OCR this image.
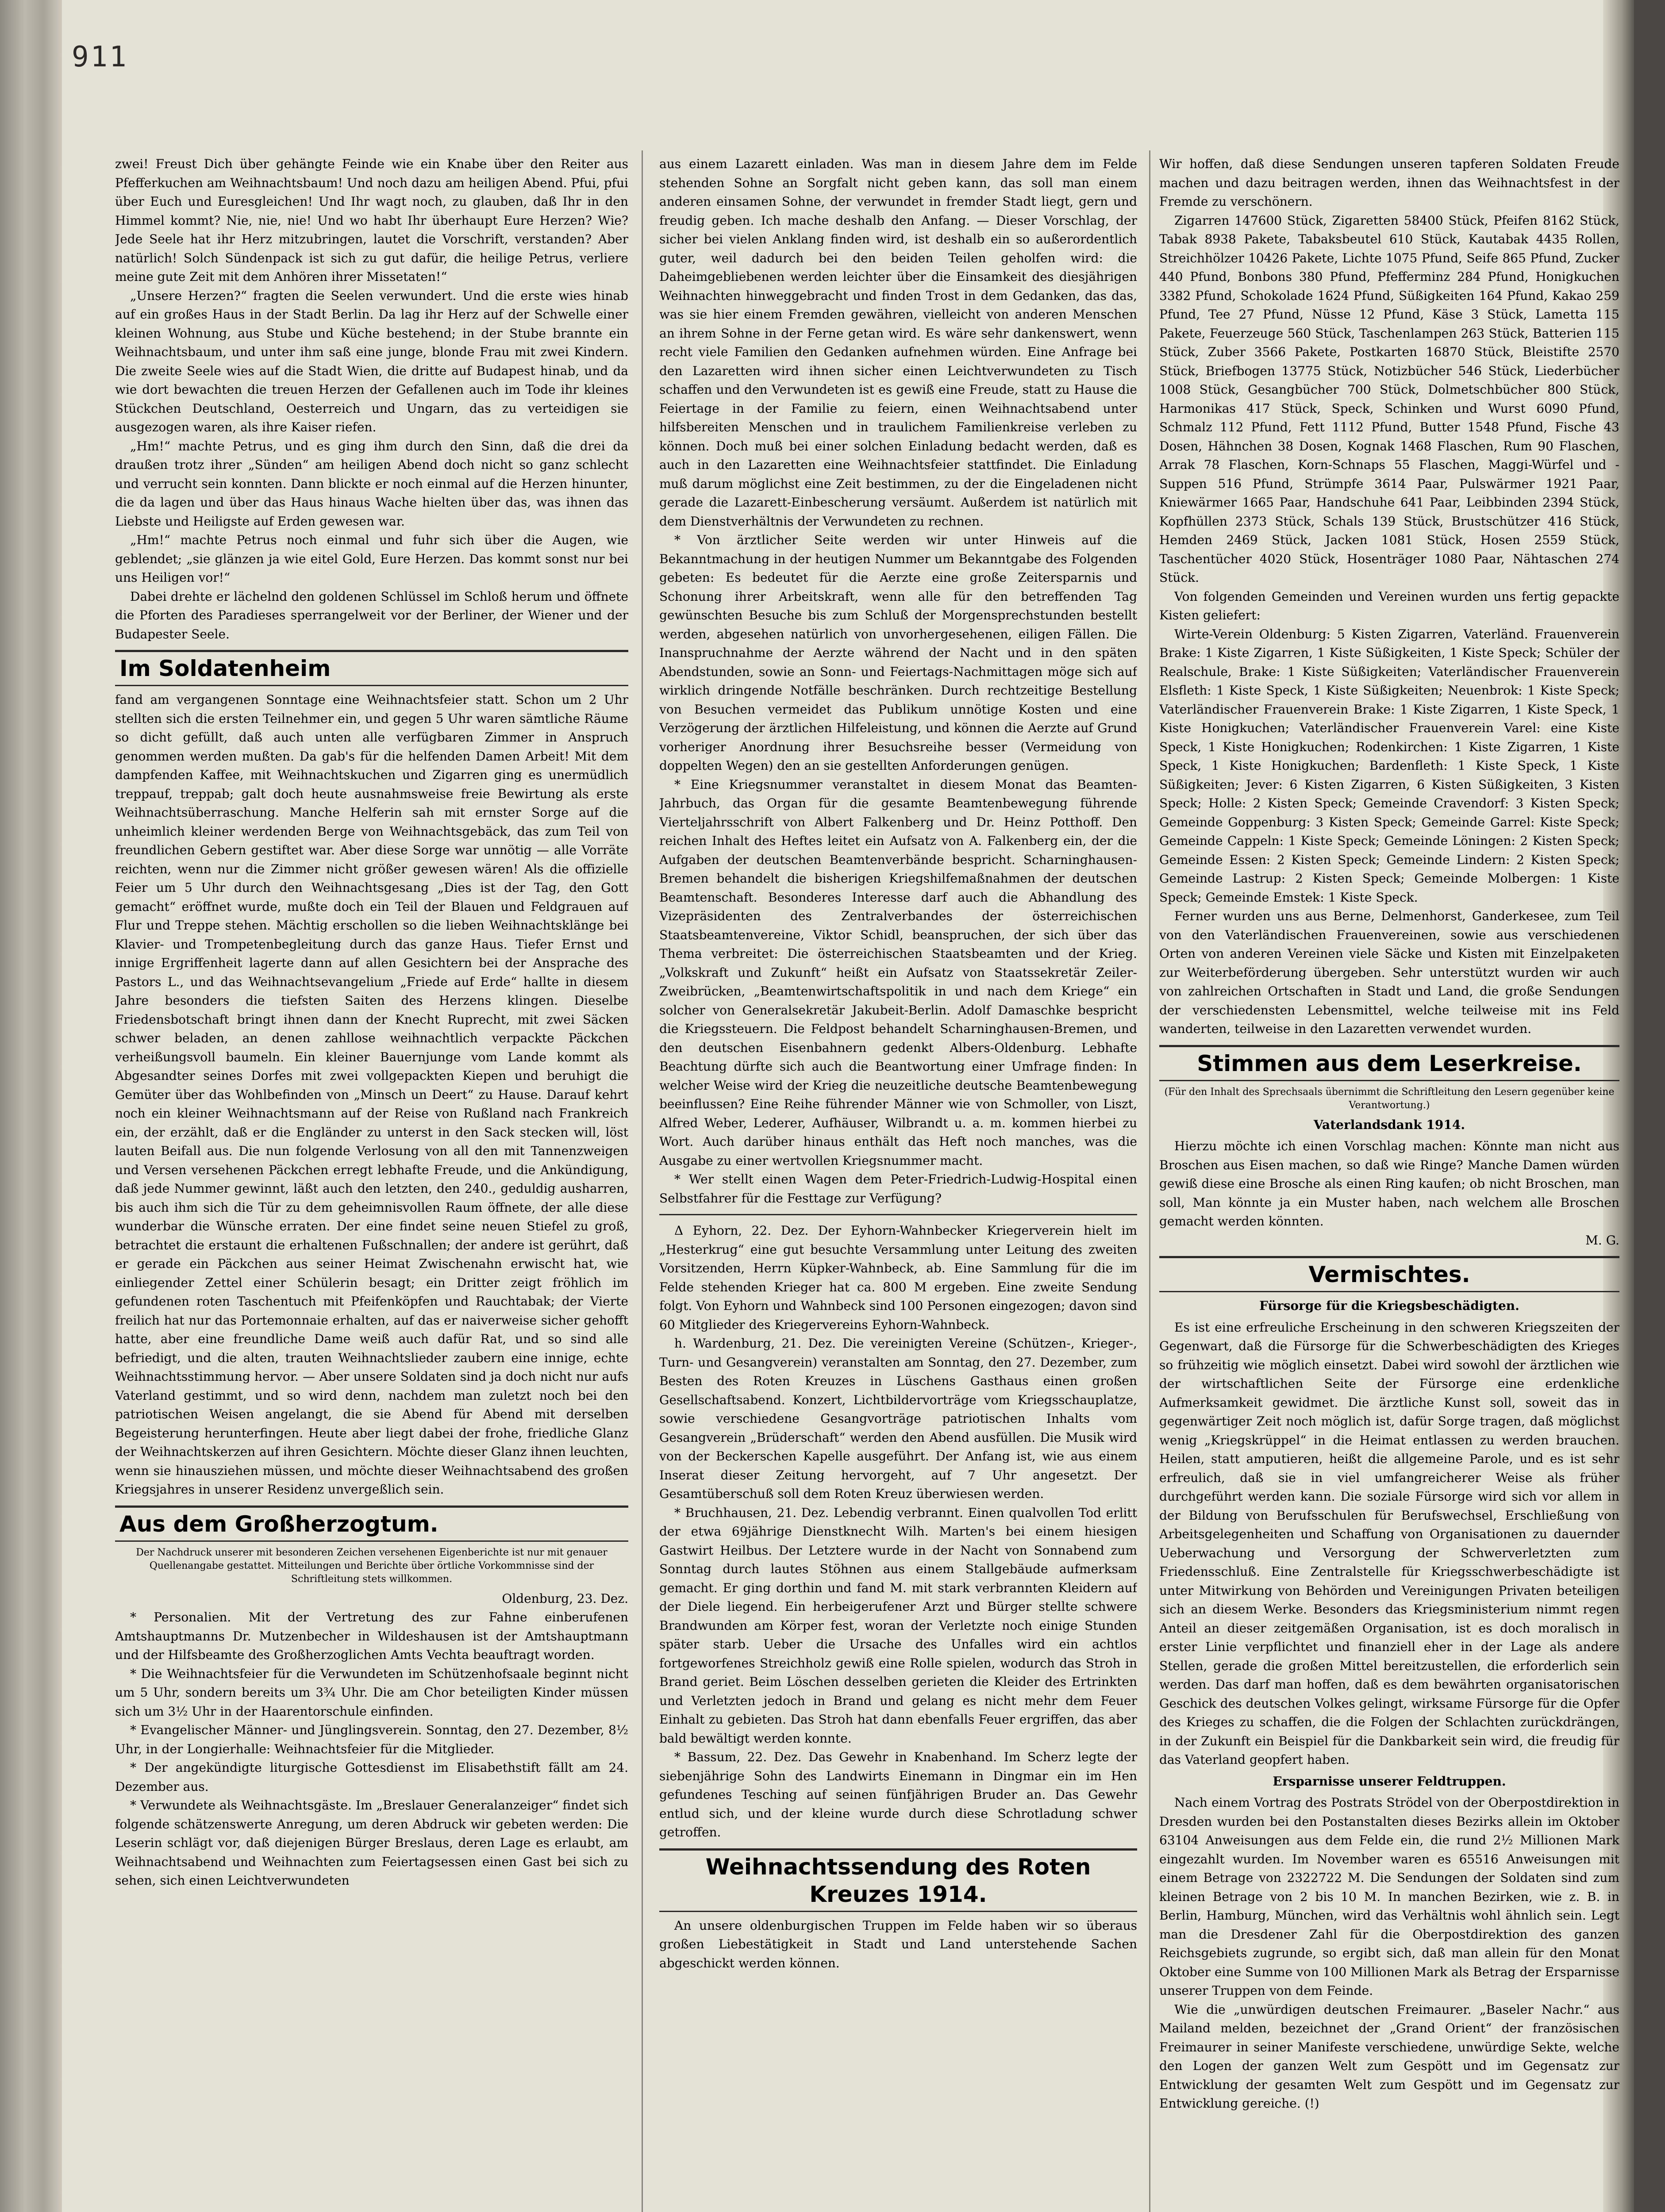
911

zwei! Freust Dich über gehängte Feinde wie ein Knabe über den Reiter aus Pfefferkuchen am Weihnachtsbaum! Und noch dazu am heiligen Abend. Pfui, pfui über Euch und Euresgleichen! Und Ihr wagt noch, zu glauben, daß Ihr in den Himmel kommt? Nie, nie, nie! Und wo habt Ihr überhaupt Eure Herzen? Wie? Jede Seele hat ihr Herz mitzubringen, lautet die Vorschrift, verstanden? Aber natürlich! Solch Sündenpack ist sich zu gut dafür, die heilige Petrus, verliere meine gute Zeit mit dem Anhören ihrer Missetaten!“

„Unsere Herzen?“ fragten die Seelen verwundert. Und die erste wies hinab auf ein großes Haus in der Stadt Berlin. Da lag ihr Herz auf der Schwelle einer kleinen Wohnung, aus Stube und Küche bestehend; in der Stube brannte ein Weihnachtsbaum, und unter ihm saß eine junge, blonde Frau mit zwei Kindern. Die zweite Seele wies auf die Stadt Wien, die dritte auf Budapest hinab, und da wie dort bewachten die treuen Herzen der Gefallenen auch im Tode ihr kleines Stückchen Deutschland, Oesterreich und Ungarn, das zu verteidigen sie ausgezogen waren, als ihre Kaiser riefen.

„Hm!“ machte Petrus, und es ging ihm durch den Sinn, daß die drei da draußen trotz ihrer „Sünden“ am heiligen Abend doch nicht so ganz schlecht und verrucht sein konnten. Dann blickte er noch einmal auf die Herzen hinunter, die da lagen und über das Haus hinaus Wache hielten über das, was ihnen das Liebste und Heiligste auf Erden gewesen war.

„Hm!“ machte Petrus noch einmal und fuhr sich über die Augen, wie geblendet; „sie glänzen ja wie eitel Gold, Eure Herzen. Das kommt sonst nur bei uns Heiligen vor!“

Dabei drehte er lächelnd den goldenen Schlüssel im Schloß herum und öffnete die Pforten des Paradieses sperrangelweit vor der Berliner, der Wiener und der Budapester Seele.

Im Soldatenheim

fand am vergangenen Sonntage eine Weihnachtsfeier statt. Schon um 2 Uhr stellten sich die ersten Teilnehmer ein, und gegen 5 Uhr waren sämtliche Räume so dicht gefüllt, daß auch unten alle verfügbaren Zimmer in Anspruch genommen werden mußten. Da gab's für die helfenden Damen Arbeit! Mit dem dampfenden Kaffee, mit Weihnachtskuchen und Zigarren ging es unermüdlich treppauf, treppab; galt doch heute ausnahmsweise freie Bewirtung als erste Weihnachtsüberraschung. Manche Helferin sah mit ernster Sorge auf die unheimlich kleiner werdenden Berge von Weihnachtsgebäck, das zum Teil von freundlichen Gebern gestiftet war. Aber diese Sorge war unnötig — alle Vorräte reichten, wenn nur die Zimmer nicht größer gewesen wären! Als die offizielle Feier um 5 Uhr durch den Weihnachtsgesang „Dies ist der Tag, den Gott gemacht“ eröffnet wurde, mußte doch ein Teil der Blauen und Feldgrauen auf Flur und Treppe stehen. Mächtig erschollen so die lieben Weihnachtsklänge bei Klavier- und Trompetenbegleitung durch das ganze Haus. Tiefer Ernst und innige Ergriffenheit lagerte dann auf allen Gesichtern bei der Ansprache des Pastors L., und das Weihnachtsevangelium „Friede auf Erde“ hallte in diesem Jahre besonders die tiefsten Saiten des Herzens klingen. Dieselbe Friedensbotschaft bringt ihnen dann der Knecht Ruprecht, mit zwei Säcken schwer beladen, an denen zahllose weihnachtlich verpackte Päckchen verheißungsvoll baumeln. Ein kleiner Bauernjunge vom Lande kommt als Abgesandter seines Dorfes mit zwei vollgepackten Kiepen und beruhigt die Gemüter über das Wohlbefinden von „Minsch un Deert“ zu Hause. Darauf kehrt noch ein kleiner Weihnachtsmann auf der Reise von Rußland nach Frankreich ein, der erzählt, daß er die Engländer zu unterst in den Sack stecken will, löst lauten Beifall aus. Die nun folgende Verlosung von all den mit Tannenzweigen und Versen versehenen Päckchen erregt lebhafte Freude, und die Ankündigung, daß jede Nummer gewinnt, läßt auch den letzten, den 240., geduldig ausharren, bis auch ihm sich die Tür zu dem geheimnisvollen Raum öffnete, der alle diese wunderbar die Wünsche erraten. Der eine findet seine neuen Stiefel zu groß, betrachtet die erstaunt die erhaltenen Fußschnallen; der andere ist gerührt, daß er gerade ein Päckchen aus seiner Heimat Zwischenahn erwischt hat, wie einliegender Zettel einer Schülerin besagt; ein Dritter zeigt fröhlich im gefundenen roten Taschentuch mit Pfeifenköpfen und Rauchtabak; der Vierte freilich hat nur das Portemonnaie erhalten, auf das er naiverweise sicher gehofft hatte, aber eine freundliche Dame weiß auch dafür Rat, und so sind alle befriedigt, und die alten, trauten Weihnachtslieder zaubern eine innige, echte Weihnachtsstimmung hervor. — Aber unsere Soldaten sind ja doch nicht nur aufs Vaterland gestimmt, und so wird denn, nachdem man zuletzt noch bei den patriotischen Weisen angelangt, die sie Abend für Abend mit derselben Begeisterung herunterfingen. Heute aber liegt dabei der frohe, friedliche Glanz der Weihnachtskerzen auf ihren Gesichtern. Möchte dieser Glanz ihnen leuchten, wenn sie hinausziehen müssen, und möchte dieser Weihnachtsabend des großen Kriegsjahres in unserer Residenz unvergeßlich sein.

Aus dem Großherzogtum.

Der Nachdruck unserer mit besonderen Zeichen versehenen Eigenberichte ist nur mit genauer Quellenangabe gestattet. Mitteilungen und Berichte über örtliche Vorkommnisse sind der Schriftleitung stets willkommen.

Oldenburg, 23. Dez.

* Personalien. Mit der Vertretung des zur Fahne einberufenen Amtshauptmanns Dr. Mutzenbecher in Wildeshausen ist der Amtshauptmann und der Hilfsbeamte des Großherzoglichen Amts Vechta beauftragt worden.

* Die Weihnachtsfeier für die Verwundeten im Schützenhofsaale beginnt nicht um 5 Uhr, sondern bereits um 3¾ Uhr. Die am Chor beteiligten Kinder müssen sich um 3½ Uhr in der Haarentorschule einfinden.

* Evangelischer Männer- und Jünglingsverein. Sonntag, den 27. Dezember, 8½ Uhr, in der Longierhalle: Weihnachtsfeier für die Mitglieder.

* Der angekündigte liturgische Gottesdienst im Elisabethstift fällt am 24. Dezember aus.

* Verwundete als Weihnachtsgäste. Im „Breslauer Generalanzeiger“ findet sich folgende schätzenswerte Anregung, um deren Abdruck wir gebeten werden: Die Leserin schlägt vor, daß diejenigen Bürger Breslaus, deren Lage es erlaubt, am Weihnachtsabend und Weihnachten zum Feiertagsessen einen Gast bei sich zu sehen, sich einen Leichtverwundeten

aus einem Lazarett einladen. Was man in diesem Jahre dem im Felde stehenden Sohne an Sorgfalt nicht geben kann, das soll man einem anderen einsamen Sohne, der verwundet in fremder Stadt liegt, gern und freudig geben. Ich mache deshalb den Anfang. — Dieser Vorschlag, der sicher bei vielen Anklang finden wird, ist deshalb ein so außerordentlich guter, weil dadurch bei den beiden Teilen geholfen wird: die Daheimgebliebenen werden leichter über die Einsamkeit des diesjährigen Weihnachten hinweggebracht und finden Trost in dem Gedanken, das das, was sie hier einem Fremden gewähren, vielleicht von anderen Menschen an ihrem Sohne in der Ferne getan wird. Es wäre sehr dankenswert, wenn recht viele Familien den Gedanken aufnehmen würden. Eine Anfrage bei den Lazaretten wird ihnen sicher einen Leichtverwundeten zu Tisch schaffen und den Verwundeten ist es gewiß eine Freude, statt zu Hause die Feiertage in der Familie zu feiern, einen Weihnachtsabend unter hilfsbereiten Menschen und in traulichem Familienkreise verleben zu können. Doch muß bei einer solchen Einladung bedacht werden, daß es auch in den Lazaretten eine Weihnachtsfeier stattfindet. Die Einladung muß darum möglichst eine Zeit bestimmen, zu der die Eingeladenen nicht gerade die Lazarett-Einbescherung versäumt. Außerdem ist natürlich mit dem Dienstverhältnis der Verwundeten zu rechnen.

* Von ärztlicher Seite werden wir unter Hinweis auf die Bekanntmachung in der heutigen Nummer um Bekanntgabe des Folgenden gebeten: Es bedeutet für die Aerzte eine große Zeitersparnis und Schonung ihrer Arbeitskraft, wenn alle für den betreffenden Tag gewünschten Besuche bis zum Schluß der Morgensprechstunden bestellt werden, abgesehen natürlich von unvorhergesehenen, eiligen Fällen. Die Inanspruchnahme der Aerzte während der Nacht und in den späten Abendstunden, sowie an Sonn- und Feiertags-Nachmittagen möge sich auf wirklich dringende Notfälle beschränken. Durch rechtzeitige Bestellung von Besuchen vermeidet das Publikum unnötige Kosten und eine Verzögerung der ärztlichen Hilfeleistung, und können die Aerzte auf Grund vorheriger Anordnung ihrer Besuchsreihe besser (Vermeidung von doppelten Wegen) den an sie gestellten Anforderungen genügen.

* Eine Kriegsnummer veranstaltet in diesem Monat das Beamten-Jahrbuch, das Organ für die gesamte Beamtenbewegung führende Vierteljahrsschrift von Albert Falkenberg und Dr. Heinz Potthoff. Den reichen Inhalt des Heftes leitet ein Aufsatz von A. Falkenberg ein, der die Aufgaben der deutschen Beamtenverbände bespricht. Scharninghausen-Bremen behandelt die bisherigen Kriegshilfemaßnahmen der deutschen Beamtenschaft. Besonderes Interesse darf auch die Abhandlung des Vizepräsidenten des Zentralverbandes der österreichischen Staatsbeamtenvereine, Viktor Schidl, beanspruchen, der sich über das Thema verbreitet: Die österreichischen Staatsbeamten und der Krieg. „Volkskraft und Zukunft“ heißt ein Aufsatz von Staatssekretär Zeiler-Zweibrücken, „Beamtenwirtschaftspolitik in und nach dem Kriege“ ein solcher von Generalsekretär Jakubeit-Berlin. Adolf Damaschke bespricht die Kriegssteuern. Die Feldpost behandelt Scharninghausen-Bremen, und den deutschen Eisenbahnern gedenkt Albers-Oldenburg. Lebhafte Beachtung dürfte sich auch die Beantwortung einer Umfrage finden: In welcher Weise wird der Krieg die neuzeitliche deutsche Beamtenbewegung beeinflussen? Eine Reihe führender Männer wie von Schmoller, von Liszt, Alfred Weber, Lederer, Aufhäuser, Wilbrandt u. a. m. kommen hierbei zu Wort. Auch darüber hinaus enthält das Heft noch manches, was die Ausgabe zu einer wertvollen Kriegsnummer macht.

* Wer stellt einen Wagen dem Peter-Friedrich-Ludwig-Hospital einen Selbstfahrer für die Festtage zur Verfügung?

Δ Eyhorn, 22. Dez. Der Eyhorn-Wahnbecker Kriegerverein hielt im „Hesterkrug“ eine gut besuchte Versammlung unter Leitung des zweiten Vorsitzenden, Herrn Küpker-Wahnbeck, ab. Eine Sammlung für die im Felde stehenden Krieger hat ca. 800 M ergeben. Eine zweite Sendung folgt. Von Eyhorn und Wahnbeck sind 100 Personen eingezogen; davon sind 60 Mitglieder des Kriegervereins Eyhorn-Wahnbeck.

h. Wardenburg, 21. Dez. Die vereinigten Vereine (Schützen-, Krieger-, Turn- und Gesangverein) veranstalten am Sonntag, den 27. Dezember, zum Besten des Roten Kreuzes in Lüschens Gasthaus einen großen Gesellschaftsabend. Konzert, Lichtbildervorträge vom Kriegsschauplatze, sowie verschiedene Gesangvorträge patriotischen Inhalts vom Gesangverein „Brüderschaft“ werden den Abend ausfüllen. Die Musik wird von der Beckerschen Kapelle ausgeführt. Der Anfang ist, wie aus einem Inserat dieser Zeitung hervorgeht, auf 7 Uhr angesetzt. Der Gesamtüberschuß soll dem Roten Kreuz überwiesen werden.

* Bruchhausen, 21. Dez. Lebendig verbrannt. Einen qualvollen Tod erlitt der etwa 69jährige Dienstknecht Wilh. Marten's bei einem hiesigen Gastwirt Heilbus. Der Letztere wurde in der Nacht von Sonnabend zum Sonntag durch lautes Stöhnen aus einem Stallgebäude aufmerksam gemacht. Er ging dorthin und fand M. mit stark verbrannten Kleidern auf der Diele liegend. Ein herbeigerufener Arzt und Bürger stellte schwere Brandwunden am Körper fest, woran der Verletzte noch einige Stunden später starb. Ueber die Ursache des Unfalles wird ein achtlos fortgeworfenes Streichholz gewiß eine Rolle spielen, wodurch das Stroh in Brand geriet. Beim Löschen desselben gerieten die Kleider des Ertrinkten und Verletzten jedoch in Brand und gelang es nicht mehr dem Feuer Einhalt zu gebieten. Das Stroh hat dann ebenfalls Feuer ergriffen, das aber bald bewältigt werden konnte.

* Bassum, 22. Dez. Das Gewehr in Knabenhand. Im Scherz legte der siebenjährige Sohn des Landwirts Einemann in Dingmar ein im Hen gefundenes Tesching auf seinen fünfjährigen Bruder an. Das Gewehr entlud sich, und der kleine wurde durch diese Schrotladung schwer getroffen.

Weihnachtssendung des Roten Kreuzes 1914.

An unsere oldenburgischen Truppen im Felde haben wir so überaus großen Liebestätigkeit in Stadt und Land unterstehende Sachen abgeschickt werden können.

Wir hoffen, daß diese Sendungen unseren tapferen Soldaten Freude machen und dazu beitragen werden, ihnen das Weihnachtsfest in der Fremde zu verschönern.

Zigarren 147600 Stück, Zigaretten 58400 Stück, Pfeifen 8162 Stück, Tabak 8938 Pakete, Tabaksbeutel 610 Stück, Kautabak 4435 Rollen, Streichhölzer 10426 Pakete, Lichte 1075 Pfund, Seife 865 Pfund, Zucker 440 Pfund, Bonbons 380 Pfund, Pfefferminz 284 Pfund, Honigkuchen 3382 Pfund, Schokolade 1624 Pfund, Süßigkeiten 164 Pfund, Kakao 259 Pfund, Tee 27 Pfund, Nüsse 12 Pfund, Käse 3 Stück, Lametta 115 Pakete, Feuerzeuge 560 Stück, Taschenlampen 263 Stück, Batterien 115 Stück, Zuber 3566 Pakete, Postkarten 16870 Stück, Bleistifte 2570 Stück, Briefbogen 13775 Stück, Notizbücher 546 Stück, Liederbücher 1008 Stück, Gesangbücher 700 Stück, Dolmetschbücher 800 Stück, Harmonikas 417 Stück, Speck, Schinken und Wurst 6090 Pfund, Schmalz 112 Pfund, Fett 1112 Pfund, Butter 1548 Pfund, Fische 43 Dosen, Hähnchen 38 Dosen, Kognak 1468 Flaschen, Rum 90 Flaschen, Arrak 78 Flaschen, Korn-Schnaps 55 Flaschen, Maggi-Würfel und -Suppen 516 Pfund, Strümpfe 3614 Paar, Pulswärmer 1921 Paar, Kniewärmer 1665 Paar, Handschuhe 641 Paar, Leibbinden 2394 Stück, Kopfhüllen 2373 Stück, Schals 139 Stück, Brustschützer 416 Stück, Hemden 2469 Stück, Jacken 1081 Stück, Hosen 2559 Stück, Taschentücher 4020 Stück, Hosenträger 1080 Paar, Nähtaschen 274 Stück.

Von folgenden Gemeinden und Vereinen wurden uns fertig gepackte Kisten geliefert:

Wirte-Verein Oldenburg: 5 Kisten Zigarren, Vaterländ. Frauenverein Brake: 1 Kiste Zigarren, 1 Kiste Süßigkeiten, 1 Kiste Speck; Schüler der Realschule, Brake: 1 Kiste Süßigkeiten; Vaterländischer Frauenverein Elsfleth: 1 Kiste Speck, 1 Kiste Süßigkeiten; Neuenbrok: 1 Kiste Speck; Vaterländischer Frauenverein Brake: 1 Kiste Zigarren, 1 Kiste Speck, 1 Kiste Honigkuchen; Vaterländischer Frauenverein Varel: eine Kiste Speck, 1 Kiste Honigkuchen; Rodenkirchen: 1 Kiste Zigarren, 1 Kiste Speck, 1 Kiste Honigkuchen; Bardenfleth: 1 Kiste Speck, 1 Kiste Süßigkeiten; Jever: 6 Kisten Zigarren, 6 Kisten Süßigkeiten, 3 Kisten Speck; Holle: 2 Kisten Speck; Gemeinde Cravendorf: 3 Kisten Speck; Gemeinde Goppenburg: 3 Kisten Speck; Gemeinde Garrel: Kiste Speck; Gemeinde Cappeln: 1 Kiste Speck; Gemeinde Löningen: 2 Kisten Speck; Gemeinde Essen: 2 Kisten Speck; Gemeinde Lindern: 2 Kisten Speck; Gemeinde Lastrup: 2 Kisten Speck; Gemeinde Molbergen: 1 Kiste Speck; Gemeinde Emstek: 1 Kiste Speck.

Ferner wurden uns aus Berne, Delmenhorst, Ganderkesee, zum Teil von den Vaterländischen Frauenvereinen, sowie aus verschiedenen Orten von anderen Vereinen viele Säcke und Kisten mit Einzelpaketen zur Weiterbeförderung übergeben. Sehr unterstützt wurden wir auch von zahlreichen Ortschaften in Stadt und Land, die große Sendungen der verschiedensten Lebensmittel, welche teilweise mit ins Feld wanderten, teilweise in den Lazaretten verwendet wurden.

Stimmen aus dem Leserkreise.

(Für den Inhalt des Sprechsaals übernimmt die Schriftleitung den Lesern gegenüber keine Verantwortung.)

Vaterlandsdank 1914.

Hierzu möchte ich einen Vorschlag machen: Könnte man nicht aus Broschen aus Eisen machen, so daß wie Ringe? Manche Damen würden gewiß diese eine Brosche als einen Ring kaufen; ob nicht Broschen, man soll, Man könnte ja ein Muster haben, nach welchem alle Broschen gemacht werden könnten.

M. G.

Vermischtes.

Fürsorge für die Kriegsbeschädigten.

Es ist eine erfreuliche Erscheinung in den schweren Kriegszeiten der Gegenwart, daß die Fürsorge für die Schwerbeschädigten des Krieges so frühzeitig wie möglich einsetzt. Dabei wird sowohl der ärztlichen wie der wirtschaftlichen Seite der Fürsorge eine erdenkliche Aufmerksamkeit gewidmet. Die ärztliche Kunst soll, soweit das in gegenwärtiger Zeit noch möglich ist, dafür Sorge tragen, daß möglichst wenig „Kriegskrüppel“ in die Heimat entlassen zu werden brauchen. Heilen, statt amputieren, heißt die allgemeine Parole, und es ist sehr erfreulich, daß sie in viel umfangreicherer Weise als früher durchgeführt werden kann. Die soziale Fürsorge wird sich vor allem in der Bildung von Berufsschulen für Berufswechsel, Erschließung von Arbeitsgelegenheiten und Schaffung von Organisationen zu dauernder Ueberwachung und Versorgung der Schwerverletzten zum Friedensschluß. Eine Zentralstelle für Kriegsschwerbeschädigte ist unter Mitwirkung von Behörden und Vereinigungen Privaten beteiligen sich an diesem Werke. Besonders das Kriegsministerium nimmt regen Anteil an dieser zeitgemäßen Organisation, ist es doch moralisch in erster Linie verpflichtet und finanziell eher in der Lage als andere Stellen, gerade die großen Mittel bereitzustellen, die erforderlich sein werden. Das darf man hoffen, daß es dem bewährten organisatorischen Geschick des deutschen Volkes gelingt, wirksame Fürsorge für die Opfer des Krieges zu schaffen, die die Folgen der Schlachten zurückdrängen, in der Zukunft ein Beispiel für die Dankbarkeit sein wird, die freudig für das Vaterland geopfert haben.

Ersparnisse unserer Feldtruppen.

Nach einem Vortrag des Postrats Strödel von der Oberpostdirektion in Dresden wurden bei den Postanstalten dieses Bezirks allein im Oktober 63104 Anweisungen aus dem Felde ein, die rund 2½ Millionen Mark eingezahlt wurden. Im November waren es 65516 Anweisungen mit einem Betrage von 2322722 M. Die Sendungen der Soldaten sind zum kleinen Betrage von 2 bis 10 M. In manchen Bezirken, wie z. B. in Berlin, Hamburg, München, wird das Verhältnis wohl ähnlich sein. Legt man die Dresdener Zahl für die Oberpostdirektion des ganzen Reichsgebiets zugrunde, so ergibt sich, daß man allein für den Monat Oktober eine Summe von 100 Millionen Mark als Betrag der Ersparnisse unserer Truppen von dem Feinde.

Wie die „unwürdigen deutschen Freimaurer. „Baseler Nachr.“ aus Mailand melden, bezeichnet der „Grand Orient“ der französischen Freimaurer in seiner Manifeste verschiedene, unwürdige Sekte, welche den Logen der ganzen Welt zum Gespött und im Gegensatz zur Entwicklung der gesamten Welt zum Gespött und im Gegensatz zur Entwicklung gereiche. (!)
